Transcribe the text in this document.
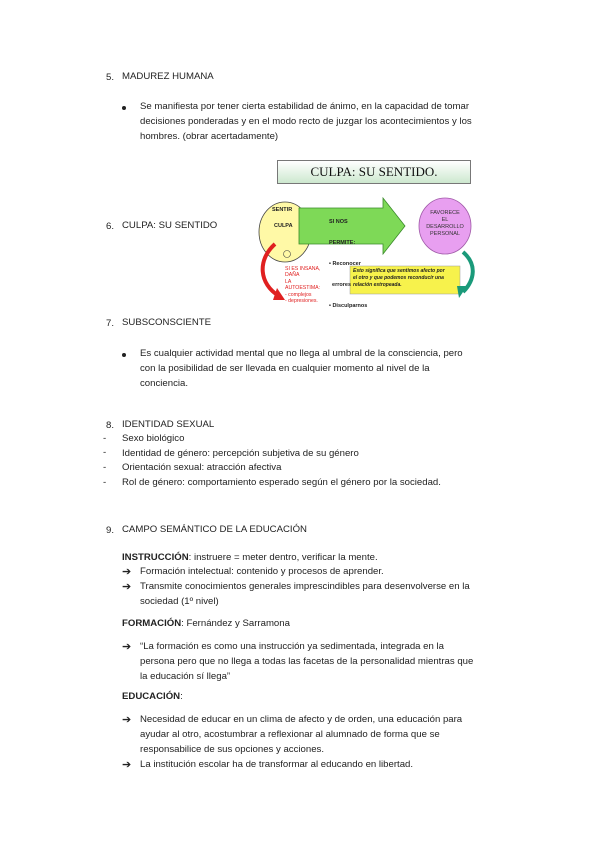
5. MADUREZ HUMANA
Se manifiesta por tener cierta estabilidad de ánimo, en la capacidad de tomar
decisiones ponderadas y en el modo recto de juzgar los acontecimientos y los
hombres. (obrar acertadamente)
6. CULPA: SU SENTIDO
CULPA: SU SENTIDO.
SENTIR
CULPA

SI NOS

PERMITE:

• Reconocer

errores

• Disculparnos

FAVORECE
EL
DESARROLLO
PERSONAL
SI ES INSANA,
DAÑA
LA
AUTOESTIMA:
- complejos
- depresiones.
Esto significa que sentimos afecto por
el otro y que podemos reconducir una
relación estropeada.
7. SUBSCONSCIENTE
Es cualquier actividad mental que no llega al umbral de la consciencia, pero
con la posibilidad de ser llevada en cualquier momento al nivel de la
conciencia.
8. IDENTIDAD SEXUAL
- Sexo biológico
- Identidad de género: percepción subjetiva de su género
- Orientación sexual: atracción afectiva
- Rol de género: comportamiento esperado según el género por la sociedad.
9. CAMPO SEMÁNTICO DE LA EDUCACIÓN
INSTRUCCIÓN: instruere = meter dentro, verificar la mente.
➔ Formación intelectual: contenido y procesos de aprender.
➔ Transmite conocimientos generales imprescindibles para desenvolverse en la
sociedad (1º nivel)
FORMACIÓN: Fernández y Sarramona
➔ “La formación es como una instrucción ya sedimentada, integrada en la
persona pero que no llega a todas las facetas de la personalidad mientras que
la educación sí llega”
EDUCACIÓN:
➔ Necesidad de educar en un clima de afecto y de orden, una educación para
ayudar al otro, acostumbrar a reflexionar al alumnado de forma que se
responsabilice de sus opciones y acciones.
➔ La institución escolar ha de transformar al educando en libertad.
